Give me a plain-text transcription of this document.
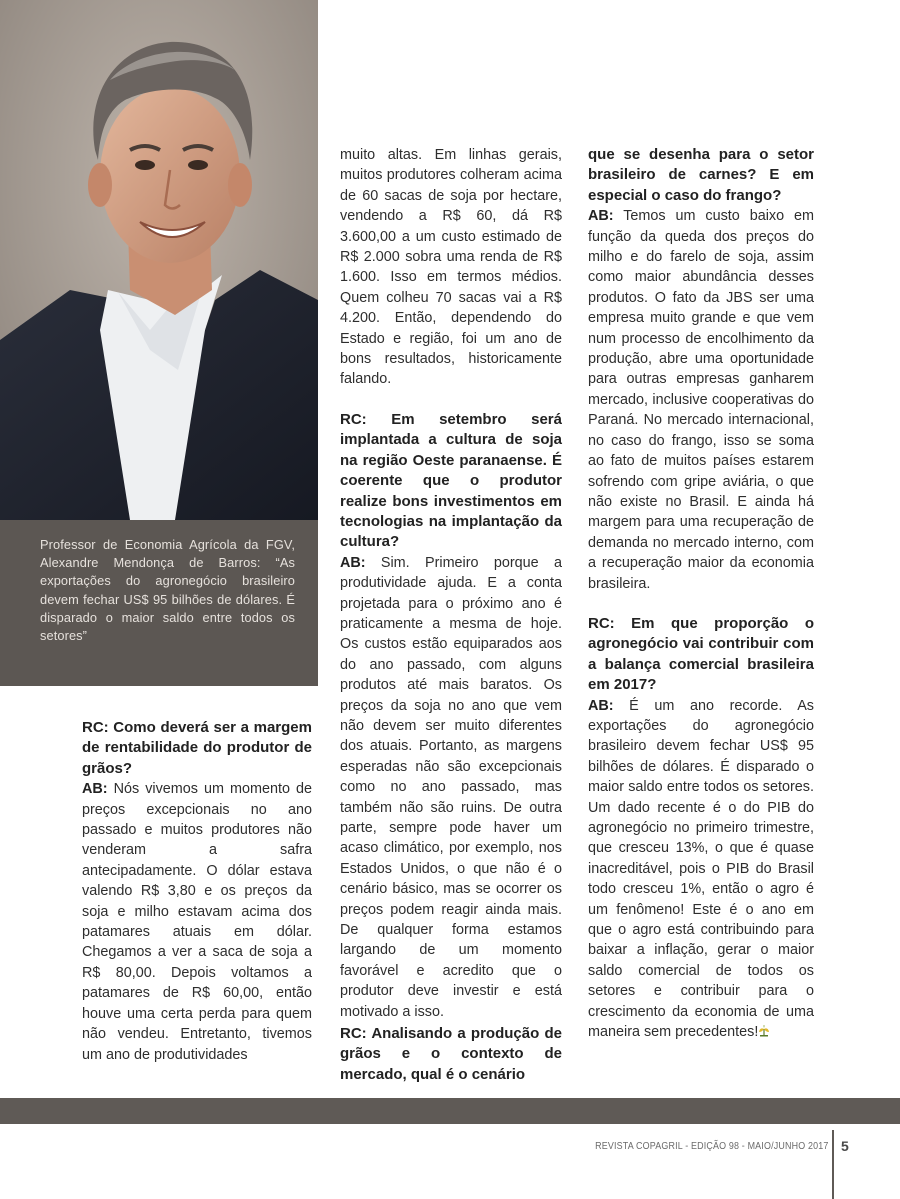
Professor de Economia Agrícola da FGV, Alexandre Mendonça de Barros: “As exportações do agronegócio brasileiro devem fechar US$ 95 bilhões de dólares. É disparado o maior saldo entre todos os setores”

RC: Como deverá ser a margem de rentabilidade do produtor de grãos?

AB: Nós vivemos um momento de preços excepcionais no ano passado e muitos produtores não venderam a safra antecipadamente. O dólar estava valendo R$ 3,80 e os preços da soja e milho estavam acima dos patamares atuais em dólar. Chegamos a ver a saca de soja a R$ 80,00. Depois voltamos a patamares de R$ 60,00, então houve uma certa perda para quem não vendeu. Entretanto, tivemos um ano de produtividades

muito altas. Em linhas gerais, muitos produtores colheram acima de 60 sacas de soja por hectare, vendendo a R$ 60, dá R$ 3.600,00 a um custo estimado de R$ 2.000 sobra uma renda de R$ 1.600. Isso em termos médios. Quem colheu 70 sacas vai a R$ 4.200. Então, dependendo do Estado e região, foi um ano de bons resultados, historicamente falando.

RC: Em setembro será implantada a cultura de soja na região Oeste paranaense. É coerente que o produtor realize bons investimentos em tecnologias na implantação da cultura?

AB: Sim. Primeiro porque a produtividade ajuda. E a conta projetada para o próximo ano é praticamente a mesma de hoje. Os custos estão equiparados aos do ano passado, com alguns produtos até mais baratos. Os preços da soja no ano que vem não devem ser muito diferentes dos atuais. Portanto, as margens esperadas não são excepcionais como no ano passado, mas também não são ruins. De outra parte, sempre pode haver um acaso climático, por exemplo, nos Estados Unidos, o que não é o cenário básico, mas se ocorrer os preços podem reagir ainda mais. De qualquer forma estamos largando de um momento favorável e acredito que o produtor deve investir e está motivado a isso.

RC: Analisando a produção de grãos e o contexto de mercado, qual é o cenário

que se desenha para o setor brasileiro de carnes? E em especial o caso do frango?

AB: Temos um custo baixo em função da queda dos preços do milho e do farelo de soja, assim como maior abundância desses produtos. O fato da JBS ser uma empresa muito grande e que vem num processo de encolhimento da produção, abre uma oportunidade para outras empresas ganharem mercado, inclusive cooperativas do Paraná. No mercado internacional, no caso do frango, isso se soma ao fato de muitos países estarem sofrendo com gripe aviária, o que não existe no Brasil. E ainda há margem para uma recuperação de demanda no mercado interno, com a recuperação maior da economia brasileira.

RC: Em que proporção o agronegócio vai contribuir com a balança comercial brasileira em 2017?

AB: É um ano recorde. As exportações do agronegócio brasileiro devem fechar US$ 95 bilhões de dólares. É disparado o maior saldo entre todos os setores. Um dado recente é o do PIB do agronegócio no primeiro trimestre, que cresceu 13%, o que é quase inacreditável, pois o PIB do Brasil todo cresceu 1%, então o agro é um fenômeno! Este é o ano em que o agro está contribuindo para baixar a inflação, gerar o maior saldo comercial de todos os setores e contribuir para o crescimento da economia de uma maneira sem precedentes!

REVISTA COPAGRIL - EDIÇÃO 98 - MAIO/JUNHO 2017 5
